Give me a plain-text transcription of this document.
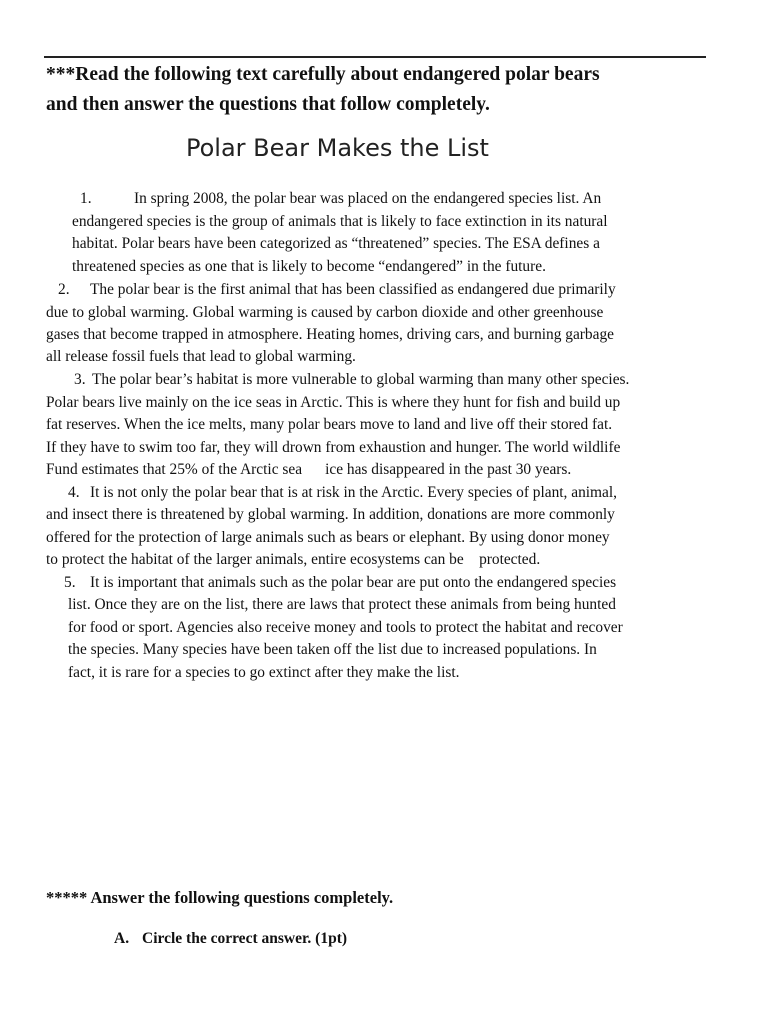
***Read the following text carefully about endangered polar bears
and then answer the questions that follow completely.

Polar Bear Makes the List
1.	In spring 2008, the polar bear was placed on the endangered species list. An
endangered species is the group of animals that is likely to face extinction in its natural
habitat. Polar bears have been categorized as “threatened” species. The ESA defines a
threatened species as one that is likely to become “endangered” in the future.
2. The polar bear is the first animal that has been classified as endangered due primarily
due to global warming. Global warming is caused by carbon dioxide and other greenhouse
gases that become trapped in atmosphere. Heating homes, driving cars, and burning garbage
all release fossil fuels that lead to global warming.
3. The polar bear’s habitat is more vulnerable to global warming than many other species.
Polar bears live mainly on the ice seas in Arctic. This is where they hunt for fish and build up
fat reserves. When the ice melts, many polar bears move to land and live off their stored fat.
If they have to swim too far, they will drown from exhaustion and hunger. The world wildlife
Fund estimates that 25% of the Arctic sea      ice has disappeared in the past 30 years.
4. It is not only the polar bear that is at risk in the Arctic. Every species of plant, animal,
and insect there is threatened by global warming. In addition, donations are more commonly
offered for the protection of large animals such as bears or elephant. By using donor money
to protect the habitat of the larger animals, entire ecosystems can be    protected.
5. It is important that animals such as the polar bear are put onto the endangered species
list. Once they are on the list, there are laws that protect these animals from being hunted
for food or sport. Agencies also receive money and tools to protect the habitat and recover
the species. Many species have been taken off the list due to increased populations. In
fact, it is rare for a species to go extinct after they make the list.

***** Answer the following questions completely.

A. Circle the correct answer. (1pt)
